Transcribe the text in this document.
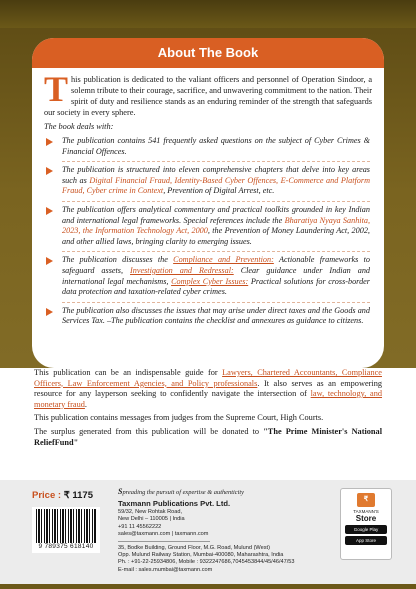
About The Book
This publication is dedicated to the valiant officers and personnel of Operation Sindoor, a solemn tribute to their courage, sacrifice, and unwavering commitment to the nation. Their spirit of duty and resilience stands as an enduring reminder of the strength that safeguards our society in every sphere.
The book deals with:
The publication contains 541 frequently asked questions on the subject of Cyber Crimes & Financial Offences.
The publication is structured into eleven comprehensive chapters that delve into key areas such as Digital Financial Fraud, Identity-Based Cyber Offences, E-Commerce and Platform Fraud, Cyber crime in Context, Prevention of Digital Arrest, etc.
The publication offers analytical commentary and practical toolkits grounded in key Indian and international legal frameworks. Special references include the Bharatiya Nyaya Sanhita, 2023, the Information Technology Act, 2000, the Prevention of Money Laundering Act, 2002, and other allied laws, bringing clarity to emerging issues.
The publication discusses the Compliance and Prevention: Actionable frameworks to safeguard assets, Investigation and Redressal: Clear guidance under Indian and international legal mechanisms, Complex Cyber Issues: Practical solutions for cross-border data protection and taxation-related cyber crimes.
The publication also discusses the issues that may arise under direct taxes and the Goods and Services Tax. –The publication contains the checklist and annexures as guidance to citizens.

This publication can be an indispensable guide for Lawyers, Chartered Accountants, Compliance Officers, Law Enforcement Agencies, and Policy professionals. It also serves as an empowering resource for any layperson seeking to confidently navigate the intersection of law, technology, and monetary fraud.

This publication contains messages from judges from the Supreme Court, High Courts.

The surplus generated from this publication will be donated to "The Prime Minister's National ReliefFund"

Price : ₹ 1175
9 789375 618140
Spreading the pursuit of expertise & authenticity
Taxmann Publications Pvt. Ltd.
59/32, New Rohtak Road,
New Delhi – 110005 | India
+91 11 45562222
sales@taxmann.com | taxmann.com
35, Bodke Building, Ground Floor, M.G. Road, Mulund (West)
Opp. Mulund Railway Station, Mumbai-400080, Maharashtra, India
Ph. : +91-22-25934806, Mobile : 9322247686,7045453844/45/46/47/53
E-mail : sales.mumbai@taxmann.com
₹
TAXMANN'S
Store
Google Play
App Store
